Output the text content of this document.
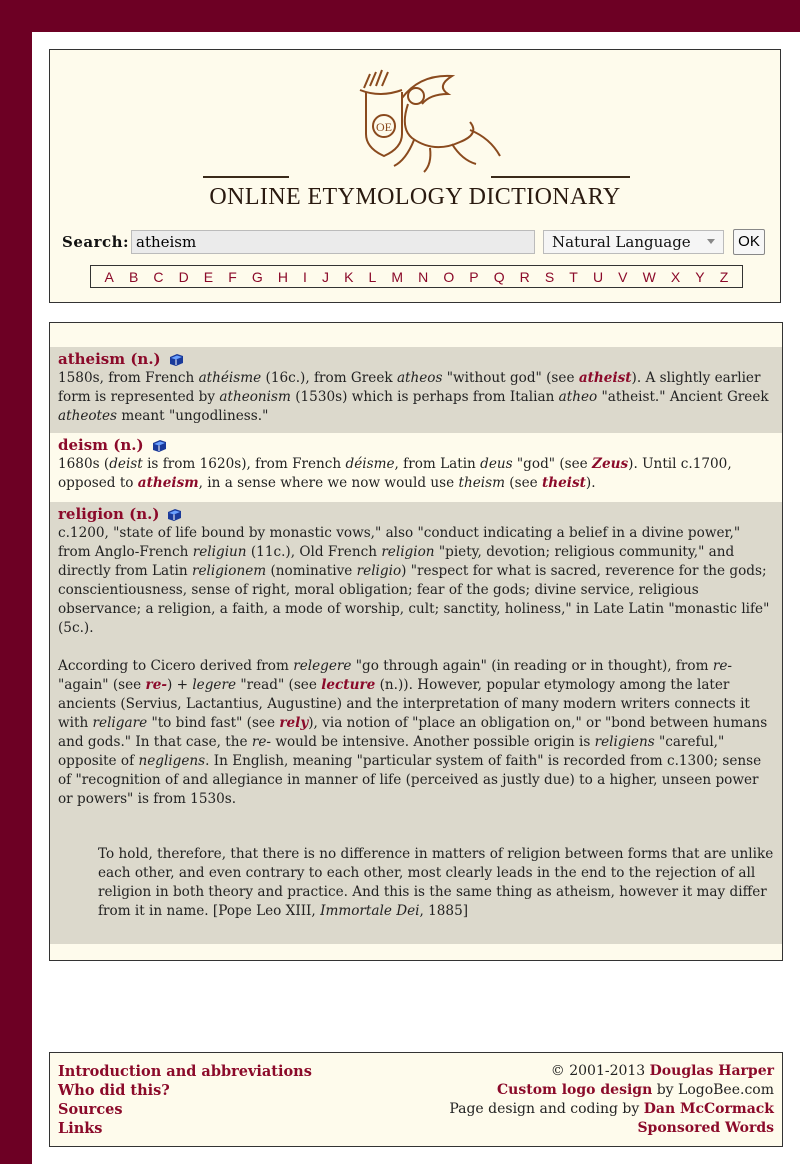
OE
ONLINE ETYMOLOGY DICTIONARY
Search:
atheism	Natural Language	OK
A B C D E F G H I J K L M N O P Q R S T U V W X Y Z
atheism (n.)
1580s, from French athéisme (16c.), from Greek atheos "without god" (see atheist). A slightly earlier form is represented by atheonism (1530s) which is perhaps from Italian atheo "atheist." Ancient Greek atheotes meant "ungodliness."
deism (n.)
1680s (deist is from 1620s), from French déisme, from Latin deus "god" (see Zeus). Until c.1700, opposed to atheism, in a sense where we now would use theism (see theist).
religion (n.)
c.1200, "state of life bound by monastic vows," also "conduct indicating a belief in a divine power," from Anglo-French religiun (11c.), Old French religion "piety, devotion; religious community," and directly from Latin religionem (nominative religio) "respect for what is sacred, reverence for the gods; conscientiousness, sense of right, moral obligation; fear of the gods; divine service, religious observance; a religion, a faith, a mode of worship, cult; sanctity, holiness," in Late Latin "monastic life" (5c.).
According to Cicero derived from relegere "go through again" (in reading or in thought), from re- "again" (see re-) + legere "read" (see lecture (n.)). However, popular etymology among the later ancients (Servius, Lactantius, Augustine) and the interpretation of many modern writers connects it with religare "to bind fast" (see rely), via notion of "place an obligation on," or "bond between humans and gods." In that case, the re- would be intensive. Another possible origin is religiens "careful," opposite of negligens. In English, meaning "particular system of faith" is recorded from c.1300; sense of "recognition of and allegiance in manner of life (perceived as justly due) to a higher, unseen power or powers" is from 1530s.
To hold, therefore, that there is no difference in matters of religion between forms that are unlike each other, and even contrary to each other, most clearly leads in the end to the rejection of all religion in both theory and practice. And this is the same thing as atheism, however it may differ from it in name. [Pope Leo XIII, Immortale Dei, 1885]
Introduction and abbreviations
Who did this?
Sources
Links
© 2001-2013 Douglas Harper
Custom logo design by LogoBee.com
Page design and coding by Dan McCormack
Sponsored Words
